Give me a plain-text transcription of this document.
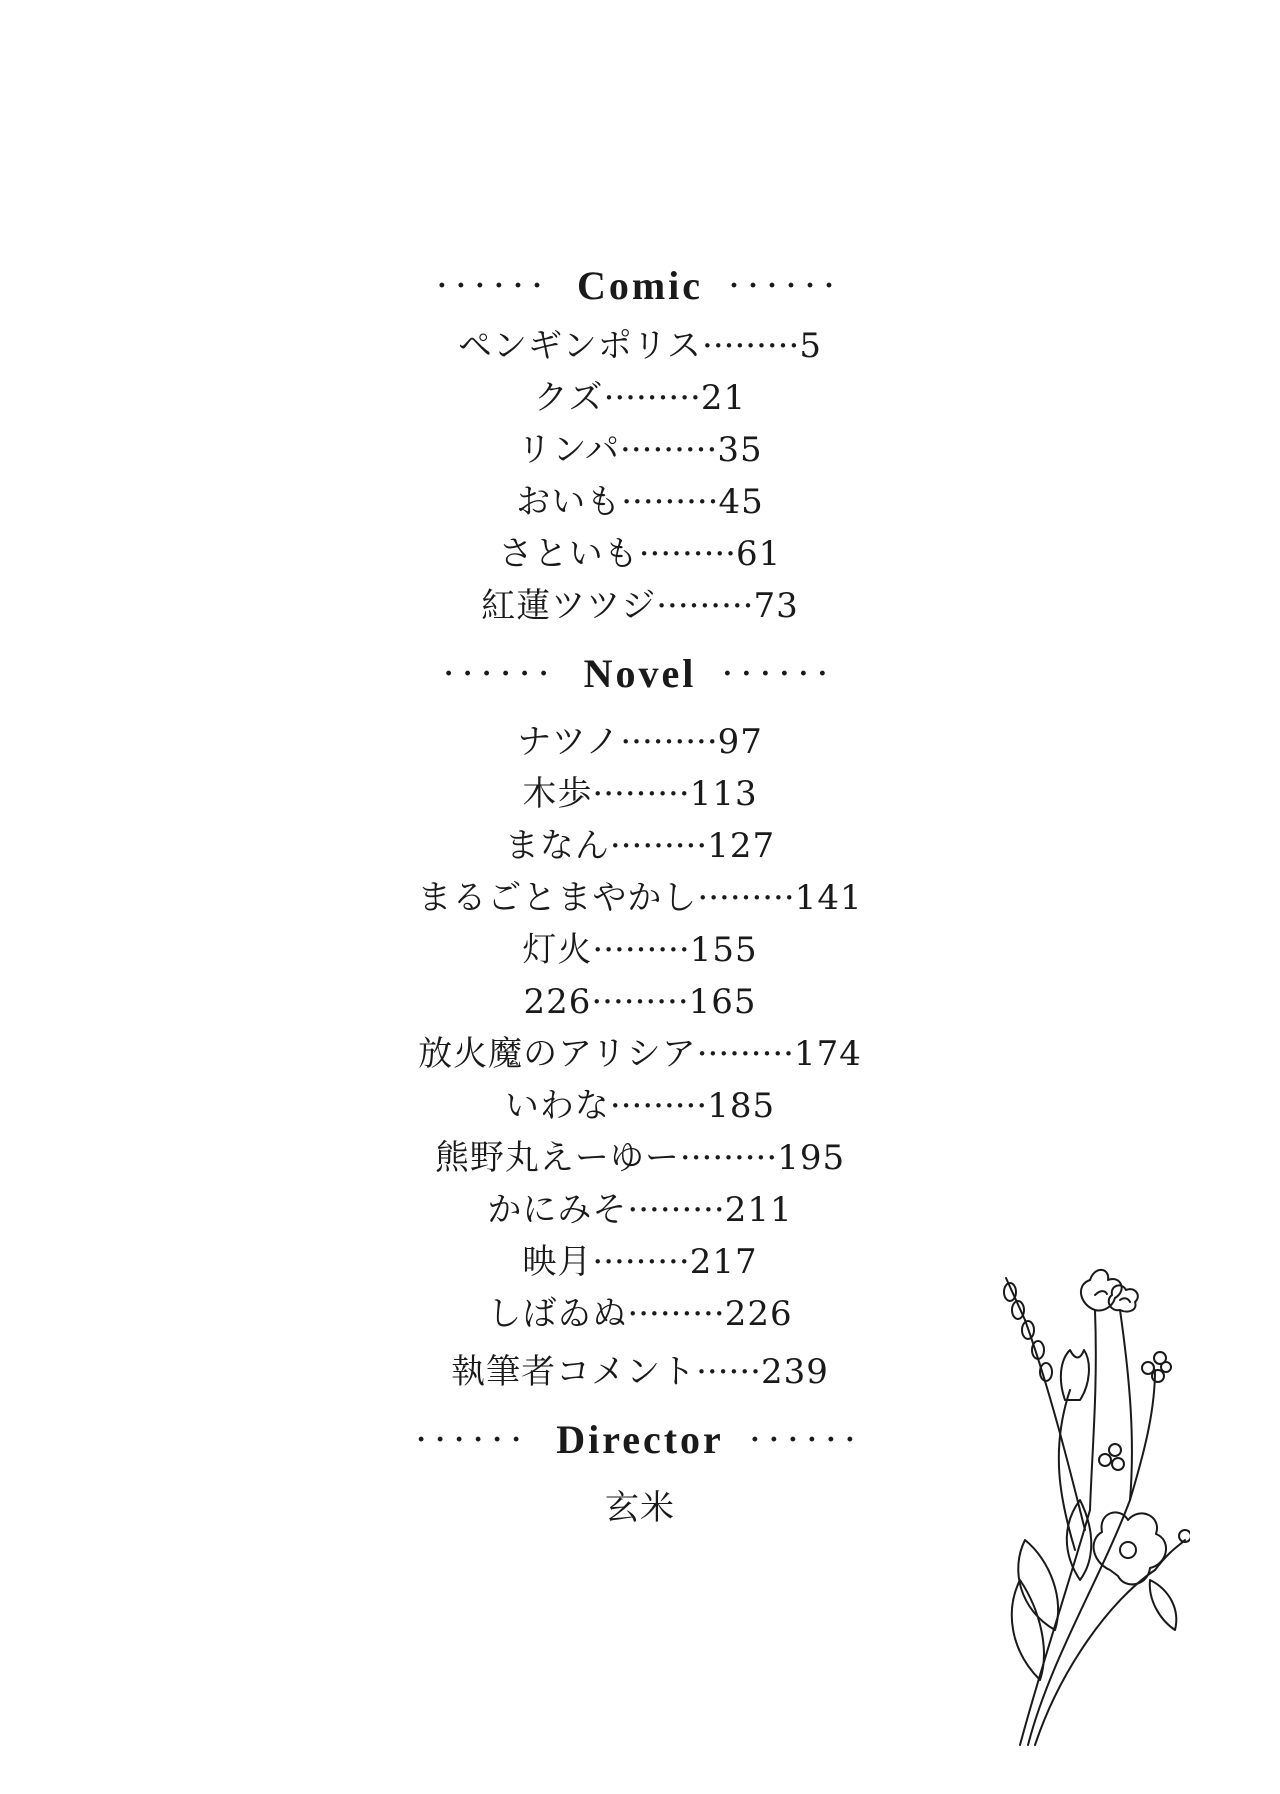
······ Comic ······
ペンギンポリス·········5
クズ·········21
リンパ·········35
おいも·········45
さといも·········61
紅蓮ツツジ·········73
······ Novel ······
ナツノ·········97
木歩·········113
まなん·········127
まるごとまやかし·········141
灯火·········155
226·········165
放火魔のアリシア·········174
いわな·········185
熊野丸えーゆー·········195
かにみそ·········211
映月·········217
しばゐぬ·········226
執筆者コメント······239
······ Director ······
玄米
